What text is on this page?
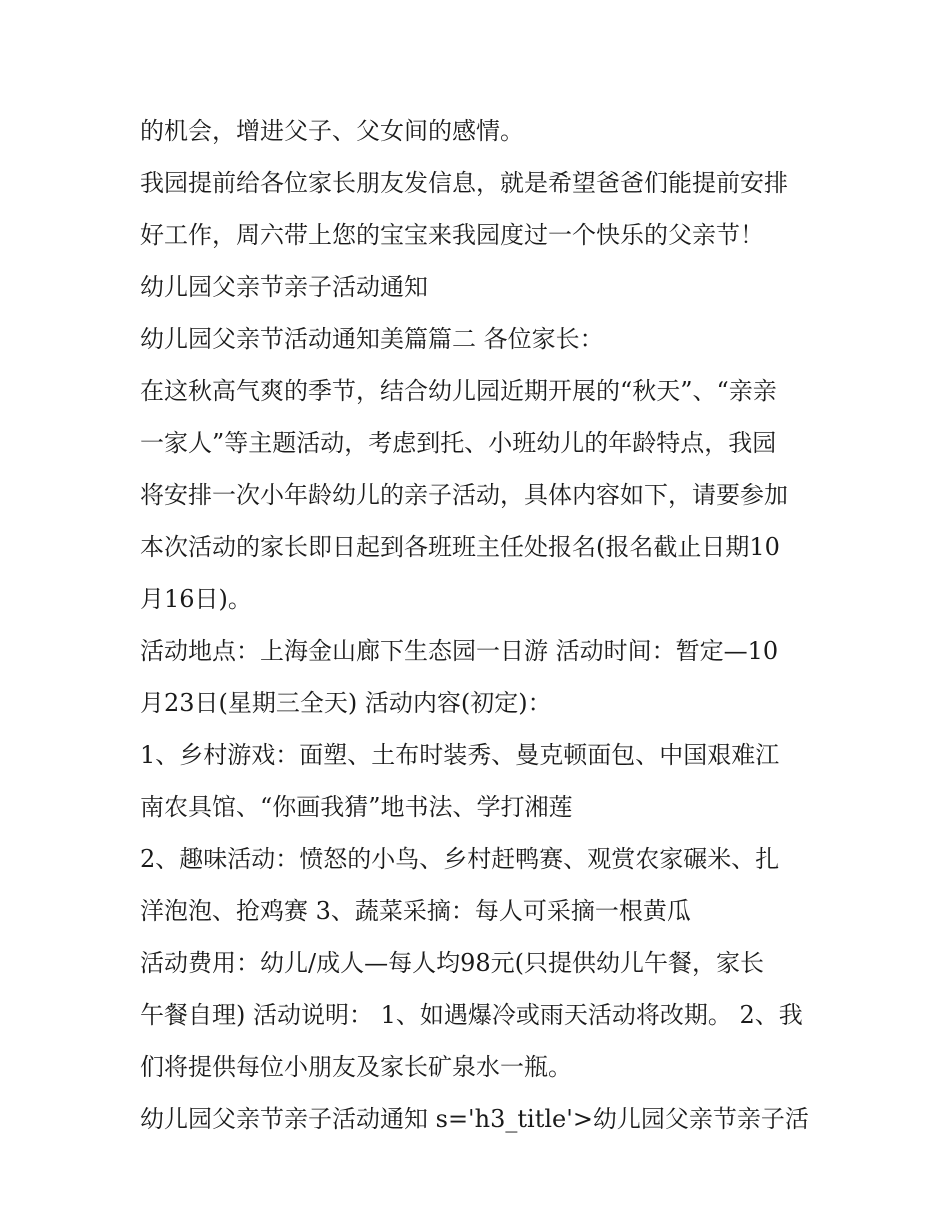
的机会，增进父子、父女间的感情。
我园提前给各位家长朋友发信息，就是希望爸爸们能提前安排
好工作，周六带上您的宝宝来我园度过一个快乐的父亲节！
幼儿园父亲节亲子活动通知
幼儿园父亲节活动通知美篇篇二 各位家长：
在这秋高气爽的季节，结合幼儿园近期开展的“秋天”、“亲亲
一家人”等主题活动，考虑到托、小班幼儿的年龄特点，我园
将安排一次小年龄幼儿的亲子活动，具体内容如下，请要参加
本次活动的家长即日起到各班班主任处报名(报名截止日期10
月16日)。
活动地点：上海金山廊下生态园一日游 活动时间：暂定—10
月23日(星期三全天) 活动内容(初定)：
1、乡村游戏：面塑、土布时装秀、曼克顿面包、中国艰难江
南农具馆、“你画我猜”地书法、学打湘莲
2、趣味活动：愤怒的小鸟、乡村赶鸭赛、观赏农家碾米、扎
洋泡泡、抢鸡赛 3、蔬菜采摘：每人可采摘一根黄瓜
活动费用：幼儿/成人—每人均98元(只提供幼儿午餐，家长
午餐自理) 活动说明： 1、如遇爆冷或雨天活动将改期。 2、我
们将提供每位小朋友及家长矿泉水一瓶。
幼儿园父亲节亲子活动通知 s='h3_title'>幼儿园父亲节亲子活
